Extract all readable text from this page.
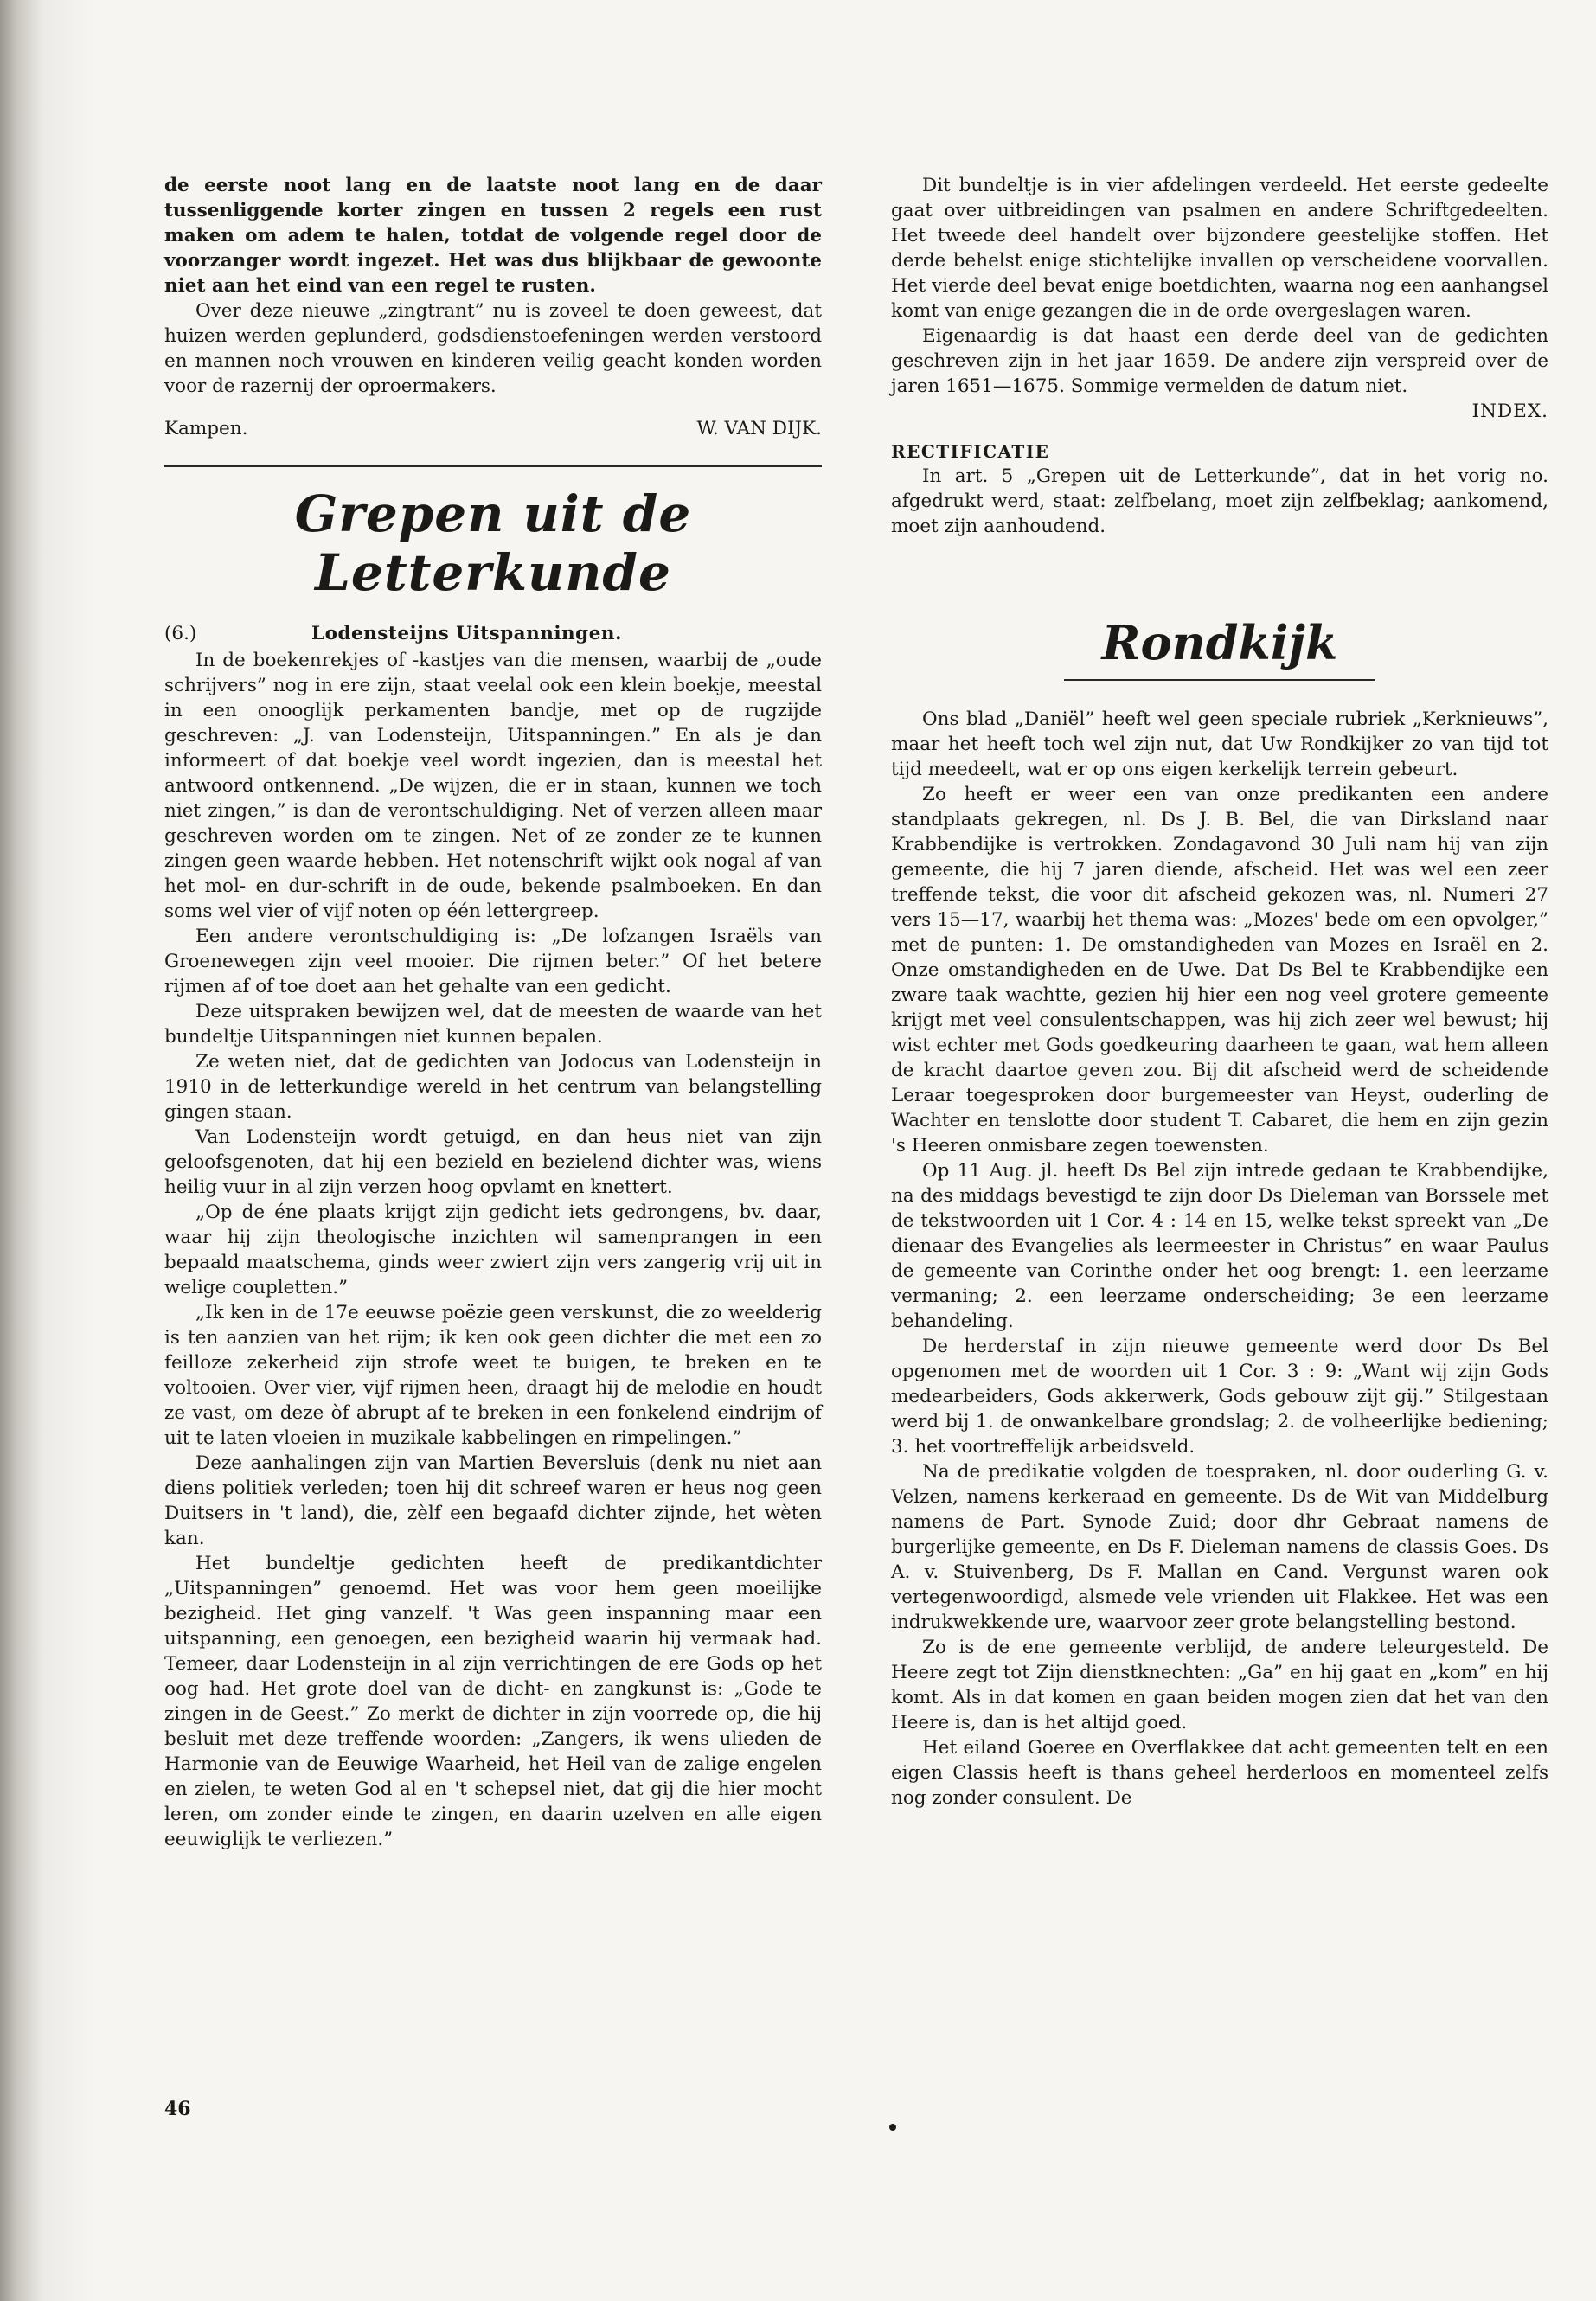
de eerste noot lang en de laatste noot lang en de daar tussenliggende korter zingen en tussen 2 regels een rust maken om adem te halen, totdat de volgende regel door de voorzanger wordt ingezet. Het was dus blijkbaar de gewoonte niet aan het eind van een regel te rusten.

Over deze nieuwe „zingtrant” nu is zoveel te doen geweest, dat huizen werden geplunderd, godsdienstoefeningen werden verstoord en mannen noch vrouwen en kinderen veilig geacht konden worden voor de razernij der oproermakers.

Kampen.	W. VAN DIJK.
Grepen uit de Letterkunde
(6.)	Lodensteijns Uitspanningen.

In de boekenrekjes of -kastjes van die mensen, waarbij de „oude schrijvers” nog in ere zijn, staat veelal ook een klein boekje, meestal in een onooglijk perkamenten bandje, met op de rugzijde geschreven: „J. van Lodensteijn, Uitspanningen.” En als je dan informeert of dat boekje veel wordt ingezien, dan is meestal het antwoord ontkennend. „De wijzen, die er in staan, kunnen we toch niet zingen,” is dan de verontschuldiging. Net of verzen alleen maar geschreven worden om te zingen. Net of ze zonder ze te kunnen zingen geen waarde hebben. Het notenschrift wijkt ook nogal af van het mol- en dur-schrift in de oude, bekende psalmboeken. En dan soms wel vier of vijf noten op één lettergreep.

Een andere verontschuldiging is: „De lofzangen Israëls van Groenewegen zijn veel mooier. Die rijmen beter.” Of het betere rijmen af of toe doet aan het gehalte van een gedicht.

Deze uitspraken bewijzen wel, dat de meesten de waarde van het bundeltje Uitspanningen niet kunnen bepalen.

Ze weten niet, dat de gedichten van Jodocus van Lodensteijn in 1910 in de letterkundige wereld in het centrum van belangstelling gingen staan.

Van Lodensteijn wordt getuigd, en dan heus niet van zijn geloofsgenoten, dat hij een bezield en bezielend dichter was, wiens heilig vuur in al zijn verzen hoog opvlamt en knettert.

„Op de éne plaats krijgt zijn gedicht iets gedrongens, bv. daar, waar hij zijn theologische inzichten wil samenprangen in een bepaald maatschema, ginds weer zwiert zijn vers zangerig vrij uit in welige coupletten.”

„Ik ken in de 17e eeuwse poëzie geen verskunst, die zo weelderig is ten aanzien van het rijm; ik ken ook geen dichter die met een zo feilloze zekerheid zijn strofe weet te buigen, te breken en te voltooien. Over vier, vijf rijmen heen, draagt hij de melodie en houdt ze vast, om deze òf abrupt af te breken in een fonkelend eindrijm of uit te laten vloeien in muzikale kabbelingen en rimpelingen.”

Deze aanhalingen zijn van Martien Beversluis (denk nu niet aan diens politiek verleden; toen hij dit schreef waren er heus nog geen Duitsers in 't land), die, zèlf een begaafd dichter zijnde, het wèten kan.

Het bundeltje gedichten heeft de predikantdichter „Uitspanningen” genoemd. Het was voor hem geen moeilijke bezigheid. Het ging vanzelf. 't Was geen inspanning maar een uitspanning, een genoegen, een bezigheid waarin hij vermaak had. Temeer, daar Lodensteijn in al zijn verrichtingen de ere Gods op het oog had. Het grote doel van de dicht- en zangkunst is: „Gode te zingen in de Geest.” Zo merkt de dichter in zijn voorrede op, die hij besluit met deze treffende woorden: „Zangers, ik wens ulieden de Harmonie van de Eeuwige Waarheid, het Heil van de zalige engelen en zielen, te weten God al en 't schepsel niet, dat gij die hier mocht leren, om zonder einde te zingen, en daarin uzelven en alle eigen eeuwiglijk te verliezen.”

Dit bundeltje is in vier afdelingen verdeeld. Het eerste gedeelte gaat over uitbreidingen van psalmen en andere Schriftgedeelten. Het tweede deel handelt over bijzondere geestelijke stoffen. Het derde behelst enige stichtelijke invallen op verscheidene voorvallen. Het vierde deel bevat enige boetdichten, waarna nog een aanhangsel komt van enige gezangen die in de orde overgeslagen waren.

Eigenaardig is dat haast een derde deel van de gedichten geschreven zijn in het jaar 1659. De andere zijn verspreid over de jaren 1651—1675. Sommige vermelden de datum niet.

INDEX.
RECTIFICATIE

In art. 5 „Grepen uit de Letterkunde”, dat in het vorig no. afgedrukt werd, staat: zelfbelang, moet zijn zelfbeklag; aankomend, moet zijn aanhoudend.

Rondkijk

Ons blad „Daniël” heeft wel geen speciale rubriek „Kerknieuws”, maar het heeft toch wel zijn nut, dat Uw Rondkijker zo van tijd tot tijd meedeelt, wat er op ons eigen kerkelijk terrein gebeurt.

Zo heeft er weer een van onze predikanten een andere standplaats gekregen, nl. Ds J. B. Bel, die van Dirksland naar Krabbendijke is vertrokken. Zondagavond 30 Juli nam hij van zijn gemeente, die hij 7 jaren diende, afscheid. Het was wel een zeer treffende tekst, die voor dit afscheid gekozen was, nl. Numeri 27 vers 15—17, waarbij het thema was: „Mozes' bede om een opvolger,” met de punten: 1. De omstandigheden van Mozes en Israël en 2. Onze omstandigheden en de Uwe. Dat Ds Bel te Krabbendijke een zware taak wachtte, gezien hij hier een nog veel grotere gemeente krijgt met veel consulentschappen, was hij zich zeer wel bewust; hij wist echter met Gods goedkeuring daarheen te gaan, wat hem alleen de kracht daartoe geven zou. Bij dit afscheid werd de scheidende Leraar toegesproken door burgemeester van Heyst, ouderling de Wachter en tenslotte door student T. Cabaret, die hem en zijn gezin 's Heeren onmisbare zegen toewensten.

Op 11 Aug. jl. heeft Ds Bel zijn intrede gedaan te Krabbendijke, na des middags bevestigd te zijn door Ds Dieleman van Borssele met de tekstwoorden uit 1 Cor. 4 : 14 en 15, welke tekst spreekt van „De dienaar des Evangelies als leermeester in Christus” en waar Paulus de gemeente van Corinthe onder het oog brengt: 1. een leerzame vermaning; 2. een leerzame onderscheiding; 3e een leerzame behandeling.

De herderstaf in zijn nieuwe gemeente werd door Ds Bel opgenomen met de woorden uit 1 Cor. 3 : 9: „Want wij zijn Gods medearbeiders, Gods akkerwerk, Gods gebouw zijt gij.” Stilgestaan werd bij 1. de onwankelbare grondslag; 2. de volheerlijke bediening; 3. het voortreffelijk arbeidsveld.

Na de predikatie volgden de toespraken, nl. door ouderling G. v. Velzen, namens kerkeraad en gemeente. Ds de Wit van Middelburg namens de Part. Synode Zuid; door dhr Gebraat namens de burgerlijke gemeente, en Ds F. Dieleman namens de classis Goes. Ds A. v. Stuivenberg, Ds F. Mallan en Cand. Vergunst waren ook vertegenwoordigd, alsmede vele vrienden uit Flakkee. Het was een indrukwekkende ure, waarvoor zeer grote belangstelling bestond.

Zo is de ene gemeente verblijd, de andere teleurgesteld. De Heere zegt tot Zijn dienstknechten: „Ga” en hij gaat en „kom” en hij komt. Als in dat komen en gaan beiden mogen zien dat het van den Heere is, dan is het altijd goed.

Het eiland Goeree en Overflakkee dat acht gemeenten telt en een eigen Classis heeft is thans geheel herderloos en momenteel zelfs nog zonder consulent. De

46
